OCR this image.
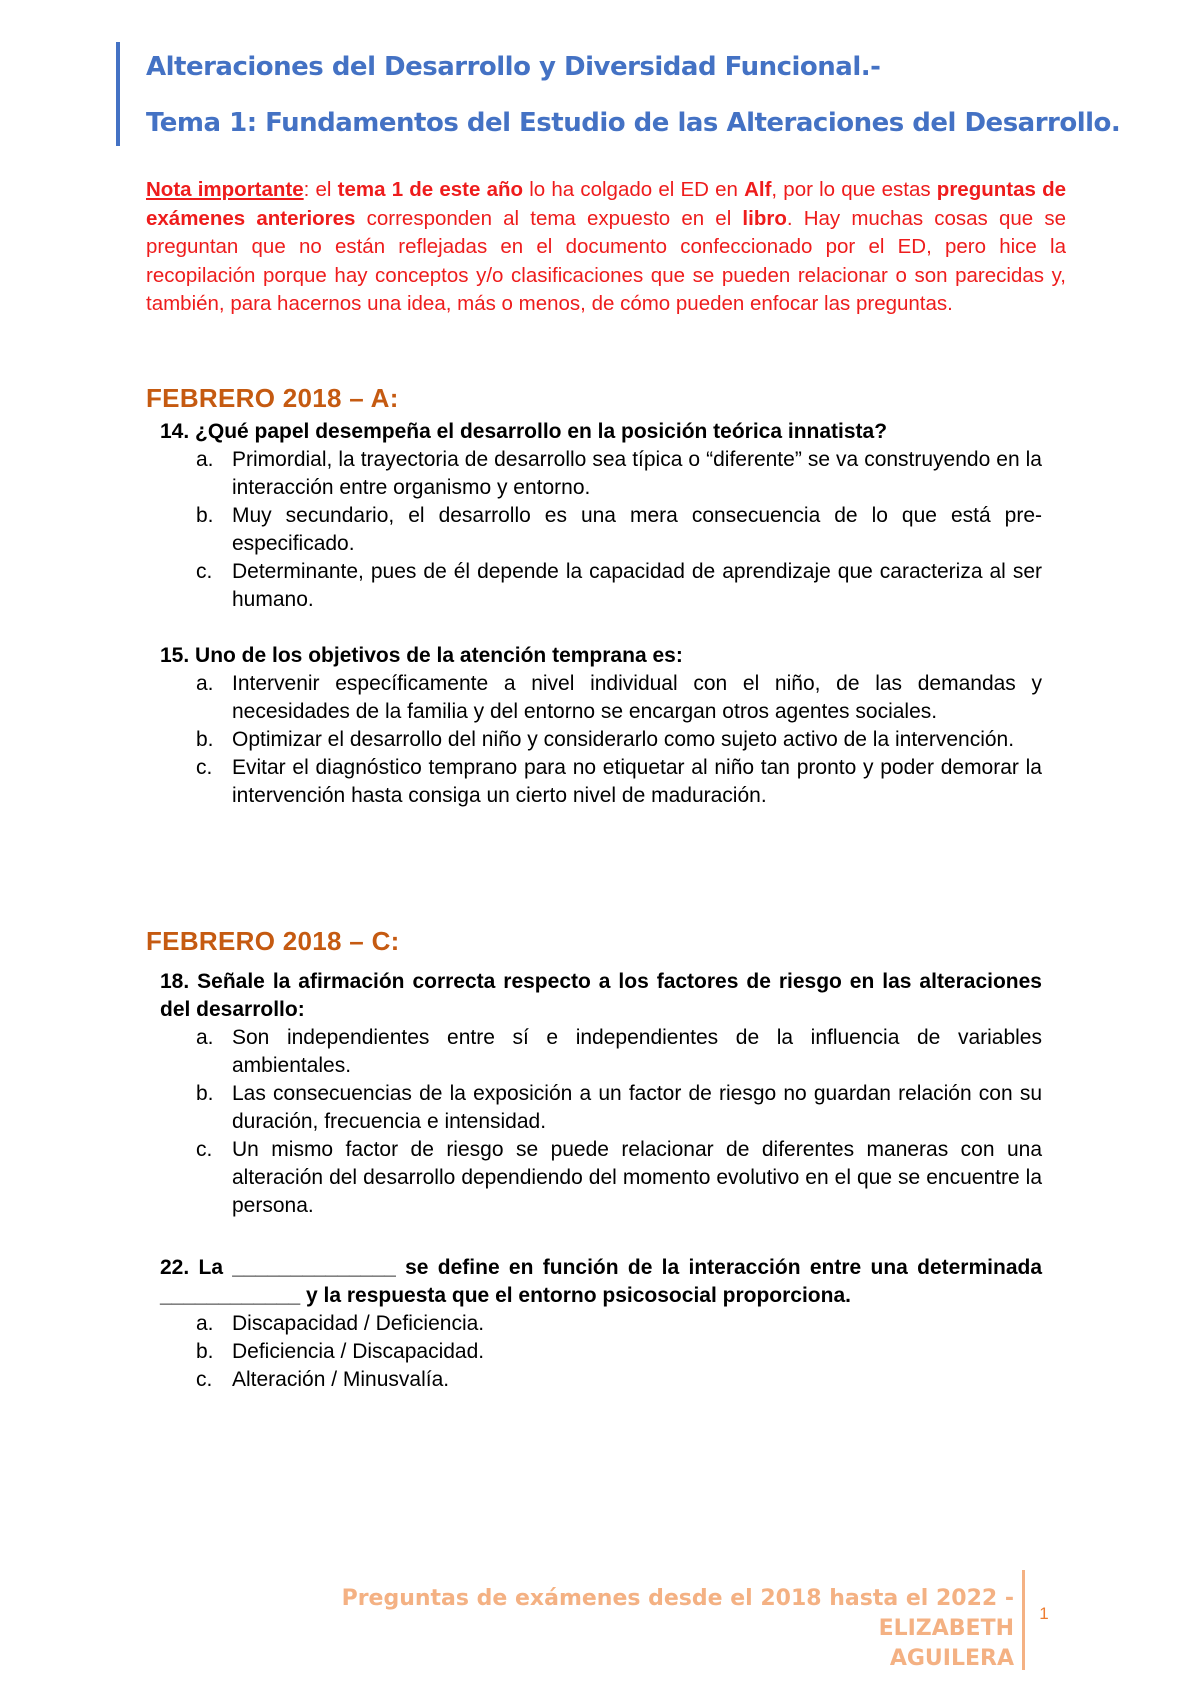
Alteraciones del Desarrollo y Diversidad Funcional.-
Tema 1: Fundamentos del Estudio de las Alteraciones del Desarrollo.
Nota importante: el tema 1 de este año lo ha colgado el ED en Alf, por lo que estas preguntas de exámenes anteriores corresponden al tema expuesto en el libro. Hay muchas cosas que se preguntan que no están reflejadas en el documento confeccionado por el ED, pero hice la recopilación porque hay conceptos y/o clasificaciones que se pueden relacionar o son parecidas y, también, para hacernos una idea, más o menos, de cómo pueden enfocar las preguntas.
FEBRERO 2018 – A:
14. ¿Qué papel desempeña el desarrollo en la posición teórica innatista?
a. Primordial, la trayectoria de desarrollo sea típica o “diferente” se va construyendo en la interacción entre organismo y entorno.
b. Muy secundario, el desarrollo es una mera consecuencia de lo que está pre-especificado.
c. Determinante, pues de él depende la capacidad de aprendizaje que caracteriza al ser humano.
15. Uno de los objetivos de la atención temprana es:
a. Intervenir específicamente a nivel individual con el niño, de las demandas y necesidades de la familia y del entorno se encargan otros agentes sociales.
b. Optimizar el desarrollo del niño y considerarlo como sujeto activo de la intervención.
c. Evitar el diagnóstico temprano para no etiquetar al niño tan pronto y poder demorar la intervención hasta consiga un cierto nivel de maduración.
FEBRERO 2018 – C:
18. Señale la afirmación correcta respecto a los factores de riesgo en las alteraciones del desarrollo:
a. Son independientes entre sí e independientes de la influencia de variables ambientales.
b. Las consecuencias de la exposición a un factor de riesgo no guardan relación con su duración, frecuencia e intensidad.
c. Un mismo factor de riesgo se puede relacionar de diferentes maneras con una alteración del desarrollo dependiendo del momento evolutivo en el que se encuentre la persona.
22. La ______________ se define en función de la interacción entre una determinada ____________ y la respuesta que el entorno psicosocial proporciona.
a. Discapacidad / Deficiencia.
b. Deficiencia / Discapacidad.
c. Alteración / Minusvalía.
Preguntas de exámenes desde el 2018 hasta el 2022 - ELIZABETH
AGUILERA
1
